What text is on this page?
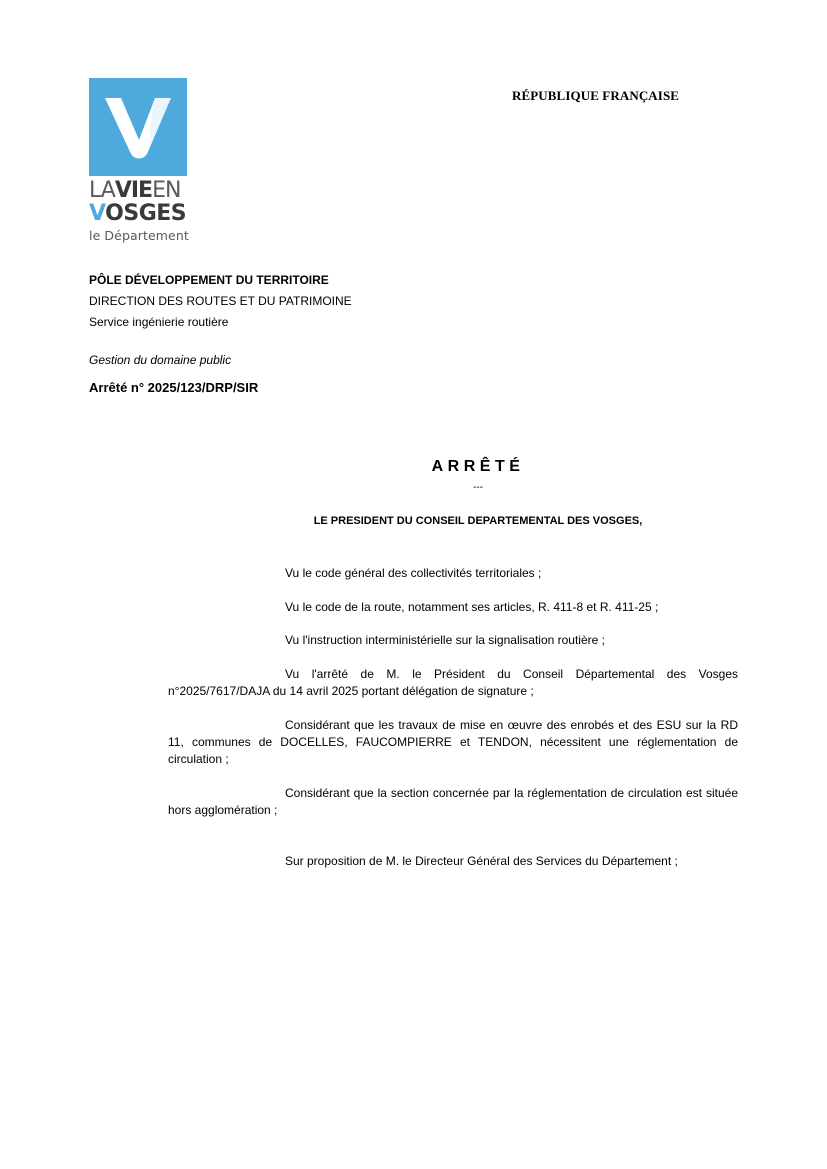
LAVIEEN
VOSGES
le Département
RÉPUBLIQUE FRANÇAISE
PÔLE DÉVELOPPEMENT DU TERRITOIRE
DIRECTION DES ROUTES ET DU PATRIMOINE
Service ingénierie routière
Gestion du domaine public
Arrêté n° 2025/123/DRP/SIR
ARRÊTÉ
---
LE PRESIDENT DU CONSEIL DEPARTEMENTAL DES VOSGES,
Vu le code général des collectivités territoriales ;
Vu le code de la route, notamment ses articles, R. 411-8 et R. 411-25 ;
Vu l'instruction interministérielle sur la signalisation routière ;
Vu l'arrêté de M. le Président du Conseil Départemental des Vosges n°2025/7617/DAJA du 14 avril 2025 portant délégation de signature ;
Considérant que les travaux de mise en œuvre des enrobés et des ESU sur la RD 11, communes de DOCELLES, FAUCOMPIERRE et TENDON, nécessitent une réglementation de circulation ;
Considérant que la section concernée par la réglementation de circulation est située hors agglomération ;
Sur proposition de M. le Directeur Général des Services du Département ;
